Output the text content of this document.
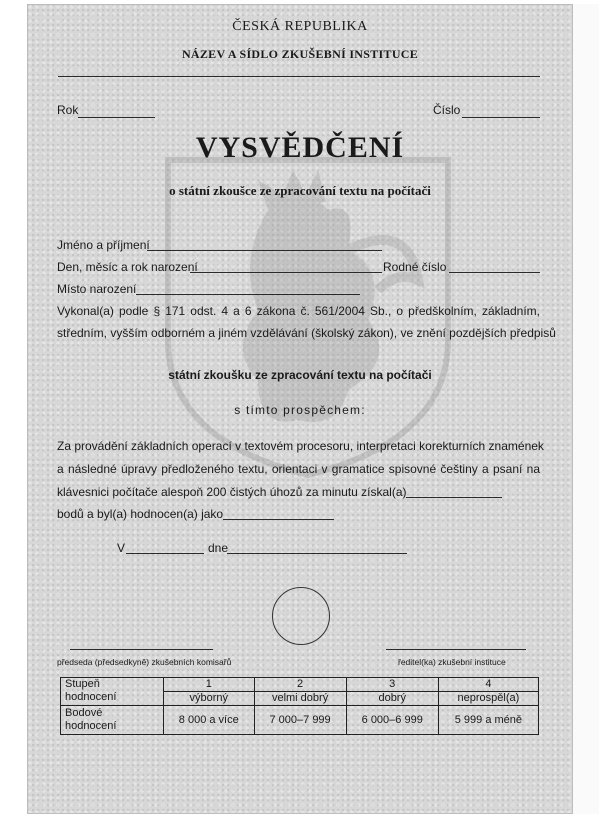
ČESKÁ REPUBLIKA
NÁZEV A SÍDLO ZKUŠEBNÍ INSTITUCE
Rok	Číslo
VYSVĚDČENÍ
o státní zkoušce ze zpracování textu na počítači
Jméno a příjmení
Den, měsíc a rok narození	Rodné číslo
Místo narození
Vykonal(a) podle § 171 odst. 4 a 6 zákona č. 561/2004 Sb., o předškolním, základním,
středním, vyšším odborném a jiném vzdělávání (školský zákon), ve znění pozdějších předpisů
státní zkoušku ze zpracování textu na počítači
s tímto prospěchem:
Za provádění základních operací v textovém procesoru, interpretaci korekturních znamének
a následné úpravy předloženého textu, orientaci v gramatice spisovné češtiny a psaní na
klávesnici počítače alespoň 200 čistých úhozů za minutu získal(a)
bodů a byl(a) hodnocen(a) jako
V	dne
předseda (předsedkyně) zkušebních komisařů	ředitel(ka) zkušební instituce
Stupeň
hodnocení	1	2	3	4
	výborný	velmi dobrý	dobrý	neprospěl(a)

Bodové
hodnocení	8 000 a více	7 000–7 999	6 000–6 999	5 999 a méně
